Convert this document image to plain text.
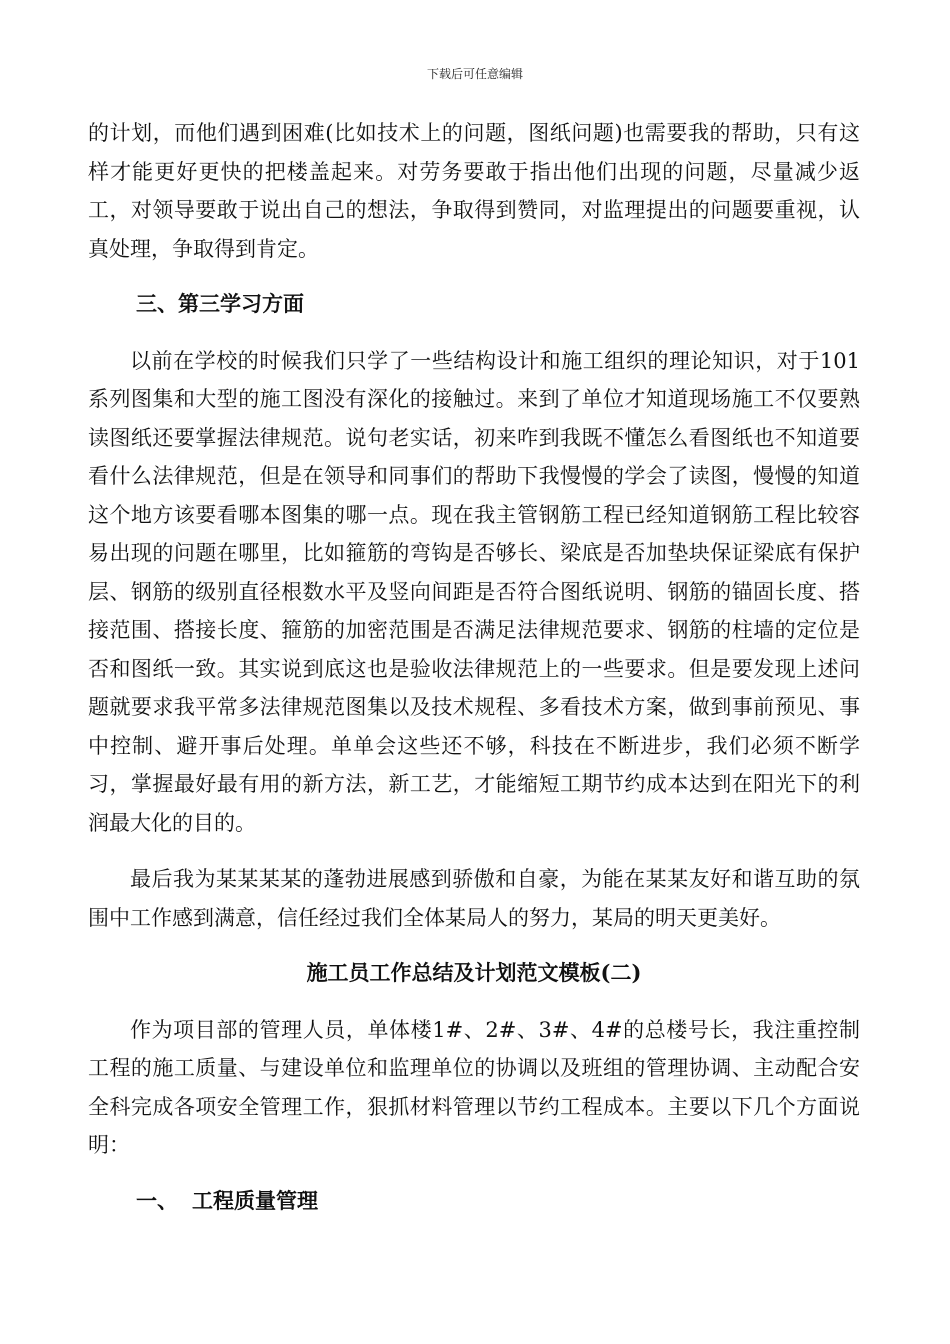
下载后可任意编辑

的计划，而他们遇到困难(比如技术上的问题，图纸问题)也需要我的帮助，只有这样才能更好更快的把楼盖起来。对劳务要敢于指出他们出现的问题，尽量减少返工，对领导要敢于说出自己的想法，争取得到赞同，对监理提出的问题要重视，认真处理，争取得到肯定。

三、第三学习方面

以前在学校的时候我们只学了一些结构设计和施工组织的理论知识，对于101系列图集和大型的施工图没有深化的接触过。来到了单位才知道现场施工不仅要熟读图纸还要掌握法律规范。说句老实话，初来咋到我既不懂怎么看图纸也不知道要看什么法律规范，但是在领导和同事们的帮助下我慢慢的学会了读图，慢慢的知道这个地方该要看哪本图集的哪一点。现在我主管钢筋工程已经知道钢筋工程比较容易出现的问题在哪里，比如箍筋的弯钩是否够长、梁底是否加垫块保证梁底有保护层、钢筋的级别直径根数水平及竖向间距是否符合图纸说明、钢筋的锚固长度、搭接范围、搭接长度、箍筋的加密范围是否满足法律规范要求、钢筋的柱墙的定位是否和图纸一致。其实说到底这也是验收法律规范上的一些要求。但是要发现上述问题就要求我平常多法律规范图集以及技术规程、多看技术方案，做到事前预见、事中控制、避开事后处理。单单会这些还不够，科技在不断进步，我们必须不断学习，掌握最好最有用的新方法，新工艺，才能缩短工期节约成本达到在阳光下的利润最大化的目的。

最后我为某某某某的蓬勃进展感到骄傲和自豪，为能在某某友好和谐互助的氛围中工作感到满意，信任经过我们全体某局人的努力，某局的明天更美好。

施工员工作总结及计划范文模板(二)

作为项目部的管理人员，单体楼1#、2#、3#、4#的总楼号长，我注重控制工程的施工质量、与建设单位和监理单位的协调以及班组的管理协调、主动配合安全科完成各项安全管理工作，狠抓材料管理以节约工程成本。主要以下几个方面说明：

一、 工程质量管理
